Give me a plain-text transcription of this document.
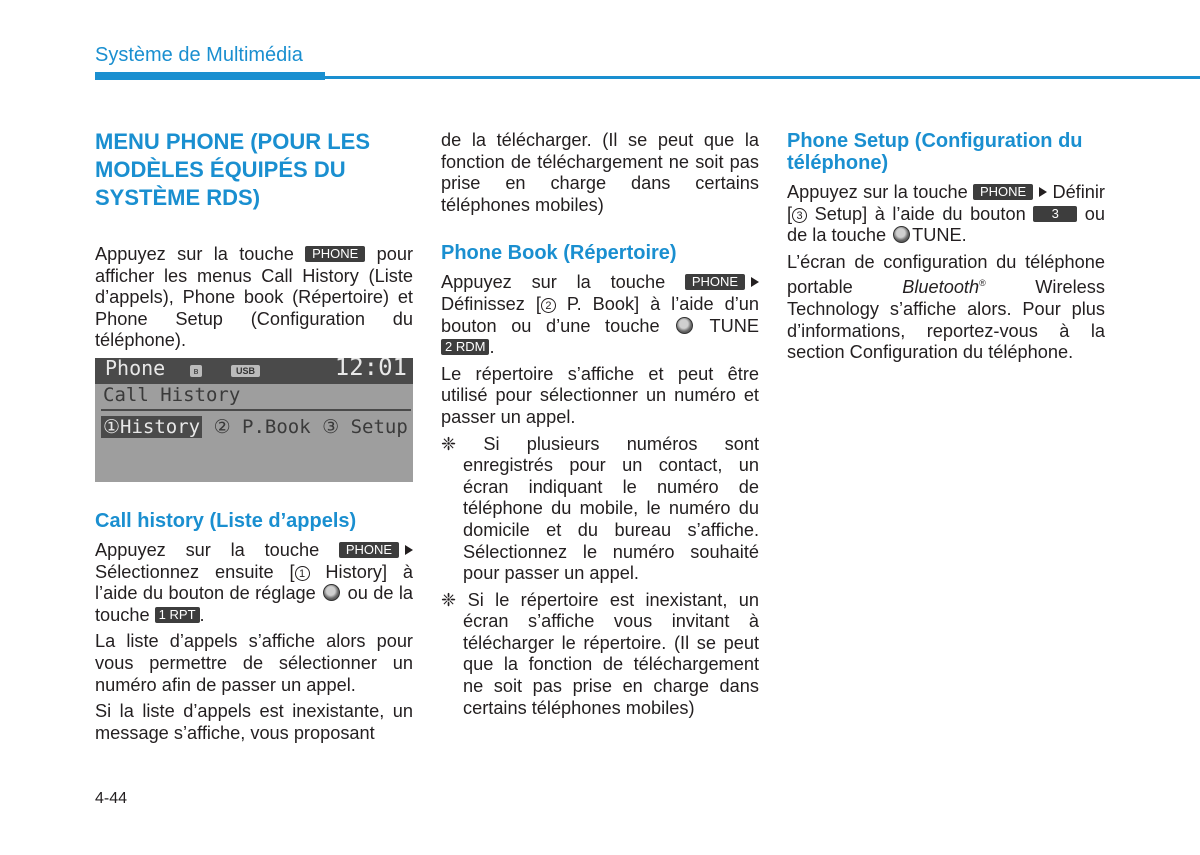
Système de Multimédia
MENU PHONE (POUR LES MODÈLES ÉQUIPÉS DU SYSTÈME RDS)

Appuyez sur la touche PHONE pour afficher les menus Call History (Liste d’appels), Phone book (Répertoire) et Phone Setup (Configuration du téléphone).

Phone	ʙ	USB	12:01
Call History
①History ② P.Book ③ Setup
Call history (Liste d’appels)

Appuyez sur la touche PHONE Sélectionnez ensuite [ 1 History] à l’aide du bouton de réglage  ou de la touche 1 RPT .

La liste d’appels s’affiche alors pour vous permettre de sélectionner un numéro afin de passer un appel.

Si la liste d’appels est inexistante, un message s’affiche, vous proposant

de la télécharger. (Il se peut que la fonction de téléchargement ne soit pas prise en charge dans certains téléphones mobiles)

Phone Book (Répertoire)

Appuyez sur la touche PHONE Définissez [ 2 P. Book] à l’aide d’un bouton ou d’une touche  TUNE 2 RDM .

Le répertoire s’affiche et peut être utilisé pour sélectionner un numéro et passer un appel.

❈ Si plusieurs numéros sont enregistrés pour un contact, un écran indiquant le numéro de téléphone du mobile, le numéro du domicile et du bureau s’affiche. Sélectionnez le numéro souhaité pour passer un appel.

❈ Si le répertoire est inexistant, un écran s’affiche vous invitant à télécharger le répertoire. (Il se peut que la fonction de téléchargement ne soit pas prise en charge dans certains téléphones mobiles)

Phone Setup (Configuration du téléphone)

Appuyez sur la touche PHONE Définir [ 3 Setup] à l’aide du bouton 3 ou de la touche TUNE.

L’écran de configuration du téléphone portable	Bluetooth® Wireless Technology s’affiche alors. Pour plus d’informations, reportez-vous à la section Configuration du téléphone.

4-44
